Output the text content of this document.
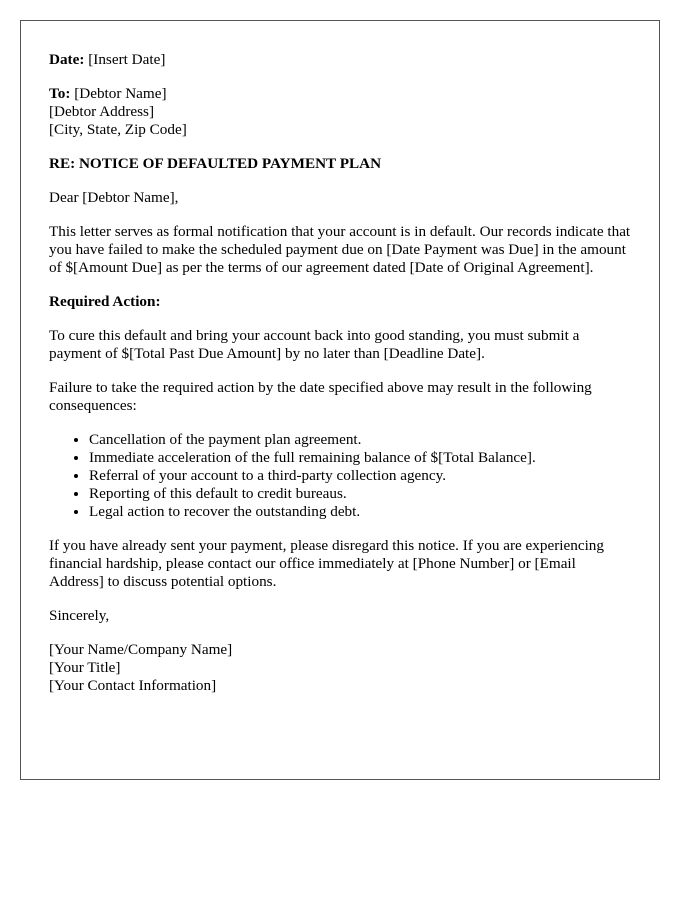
Date: [Insert Date]

To: [Debtor Name]
[Debtor Address]
[City, State, Zip Code]

RE: NOTICE OF DEFAULTED PAYMENT PLAN

Dear [Debtor Name],

This letter serves as formal notification that your account is in default. Our records indicate that you have failed to make the scheduled payment due on [Date Payment was Due] in the amount of $[Amount Due] as per the terms of our agreement dated [Date of Original Agreement].

Required Action:

To cure this default and bring your account back into good standing, you must submit a payment of $[Total Past Due Amount] by no later than [Deadline Date].

Failure to take the required action by the date specified above may result in the following consequences:

• Cancellation of the payment plan agreement.
• Immediate acceleration of the full remaining balance of $[Total Balance].
• Referral of your account to a third-party collection agency.
• Reporting of this default to credit bureaus.
• Legal action to recover the outstanding debt.

If you have already sent your payment, please disregard this notice. If you are experiencing financial hardship, please contact our office immediately at [Phone Number] or [Email Address] to discuss potential options.

Sincerely,

[Your Name/Company Name]
[Your Title]
[Your Contact Information]
